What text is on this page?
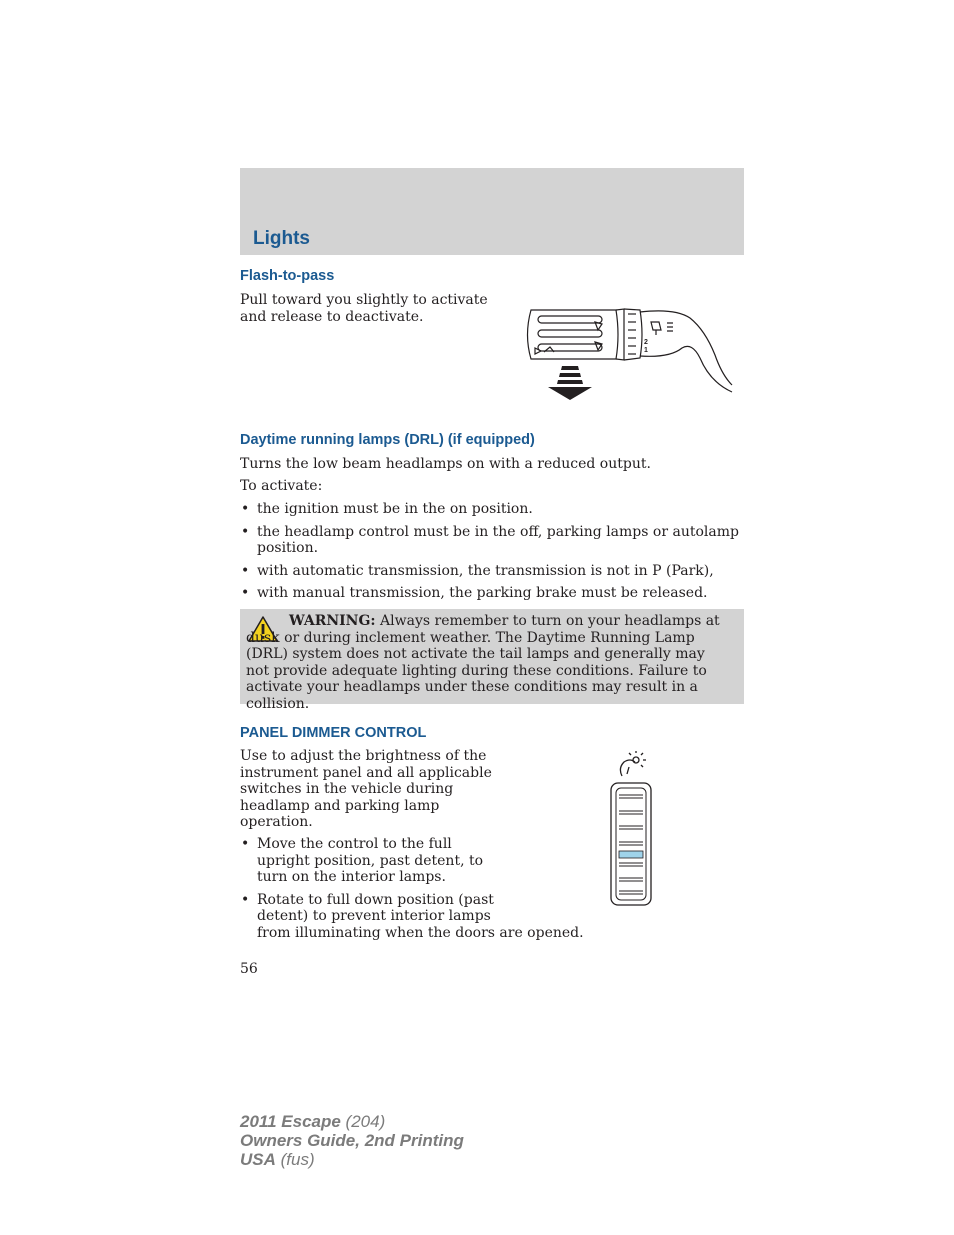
Lights
Flash-to-pass

Pull toward you slightly to activate
and release to deactivate.

2
1
Daytime running lamps (DRL) (if equipped)

Turns the low beam headlamps on with a reduced output.

To activate:

• the ignition must be in the on position.
• the headlamp control must be in the off, parking lamps or autolamp position.
• with automatic transmission, the transmission is not in P (Park),
• with manual transmission, the parking brake must be released.

WARNING: Always remember to turn on your headlamps at
dusk or during inclement weather. The Daytime Running Lamp (DRL) system does not activate the tail lamps and generally may not provide adequate lighting during these conditions. Failure to activate your headlamps under these conditions may result in a collision.

PANEL DIMMER CONTROL

Use to adjust the brightness of the
instrument panel and all applicable
switches in the vehicle during
headlamp and parking lamp
operation.

• Move the control to the full
upright position, past detent, to
turn on the interior lamps.
• Rotate to full down position (past
detent) to prevent interior lamps
from illuminating when the doors are opened.

56

2011 Escape (204)
Owners Guide, 2nd Printing
USA (fus)
